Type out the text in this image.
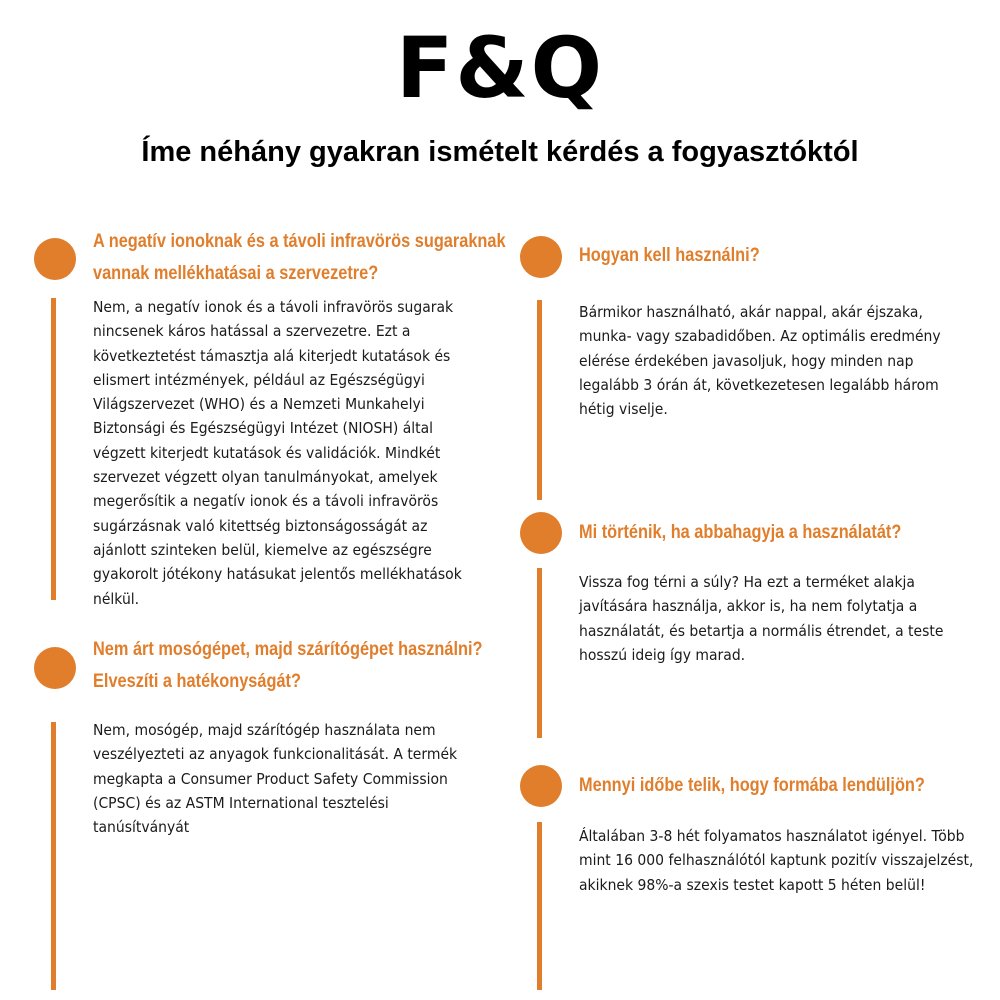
F&Q
Íme néhány gyakran ismételt kérdés a fogyasztóktól
A negatív ionoknak és a távoli infravörös sugaraknak vannak mellékhatásai a szervezetre?
Nem, a negatív ionok és a távoli infravörös sugarak nincsenek káros hatással a szervezetre. Ezt a következtetést támasztja alá kiterjedt kutatások és elismert intézmények, például az Egészségügyi Világszervezet (WHO) és a Nemzeti Munkahelyi Biztonsági és Egészségügyi Intézet (NIOSH) által végzett kiterjedt kutatások és validációk. Mindkét szervezet végzett olyan tanulmányokat, amelyek megerősítik a negatív ionok és a távoli infravörös sugárzásnak való kitettség biztonságosságát az ajánlott szinteken belül, kiemelve az egészségre gyakorolt jótékony hatásukat jelentős mellékhatások nélkül.
Nem árt mosógépet, majd szárítógépet használni?
Elveszíti a hatékonyságát?
Nem, mosógép, majd szárítógép használata nem veszélyezteti az anyagok funkcionalitását. A termék megkapta a Consumer Product Safety Commission (CPSC) és az ASTM International tesztelési tanúsítványát
Hogyan kell használni?
Bármikor használható, akár nappal, akár éjszaka, munka- vagy szabadidőben. Az optimális eredmény elérése érdekében javasoljuk, hogy minden nap legalább 3 órán át, következetesen legalább három hétig viselje.
Mi történik, ha abbahagyja a használatát?
Vissza fog térni a súly? Ha ezt a terméket alakja javítására használja, akkor is, ha nem folytatja a használatát, és betartja a normális étrendet, a teste hosszú ideig így marad.
Mennyi időbe telik, hogy formába lendüljön?
Általában 3-8 hét folyamatos használatot igényel. Több mint 16 000 felhasználótól kaptunk pozitív visszajelzést, akiknek 98%-a szexis testet kapott 5 héten belül!
